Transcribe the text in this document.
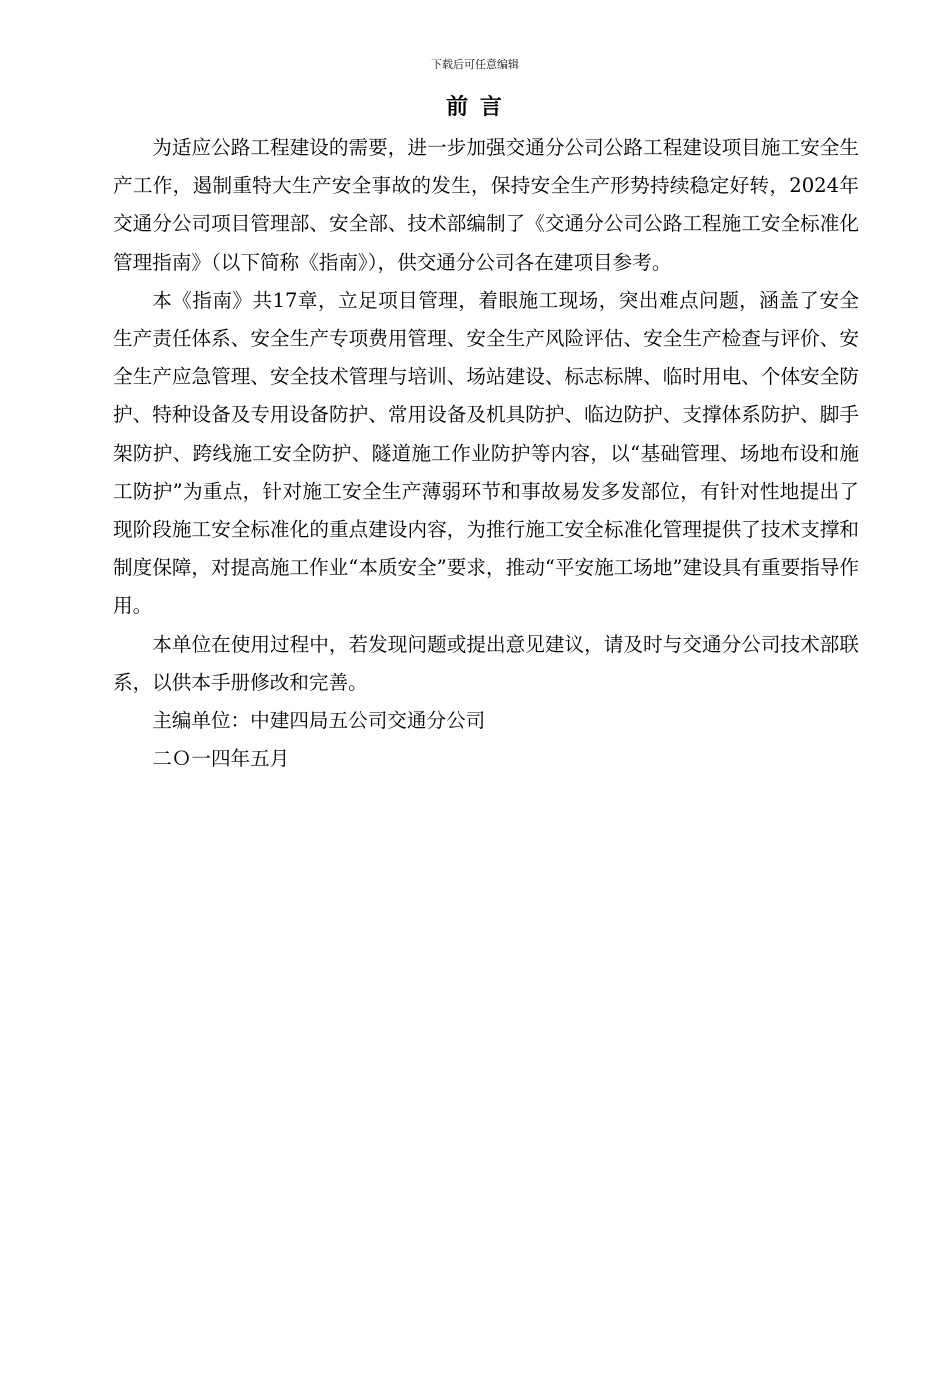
下载后可任意编辑
前 言

为适应公路工程建设的需要，进一步加强交通分公司公路工程建设项目施工安全生产工作，遏制重特大生产安全事故的发生，保持安全生产形势持续稳定好转，2024年交通分公司项目管理部、安全部、技术部编制了《交通分公司公路工程施工安全标准化管理指南》（以下简称《指南》），供交通分公司各在建项目参考。

本《指南》共17章，立足项目管理，着眼施工现场，突出难点问题，涵盖了安全生产责任体系、安全生产专项费用管理、安全生产风险评估、安全生产检查与评价、安全生产应急管理、安全技术管理与培训、场站建设、标志标牌、临时用电、个体安全防护、特种设备及专用设备防护、常用设备及机具防护、临边防护、支撑体系防护、脚手架防护、跨线施工安全防护、隧道施工作业防护等内容，以“基础管理、场地布设和施工防护”为重点，针对施工安全生产薄弱环节和事故易发多发部位，有针对性地提出了现阶段施工安全标准化的重点建设内容，为推行施工安全标准化管理提供了技术支撑和制度保障，对提高施工作业“本质安全”要求，推动“平安施工场地”建设具有重要指导作用。

本单位在使用过程中，若发现问题或提出意见建议，请及时与交通分公司技术部联系，以供本手册修改和完善。

主编单位：中建四局五公司交通分公司

二Ｏ一四年五月
